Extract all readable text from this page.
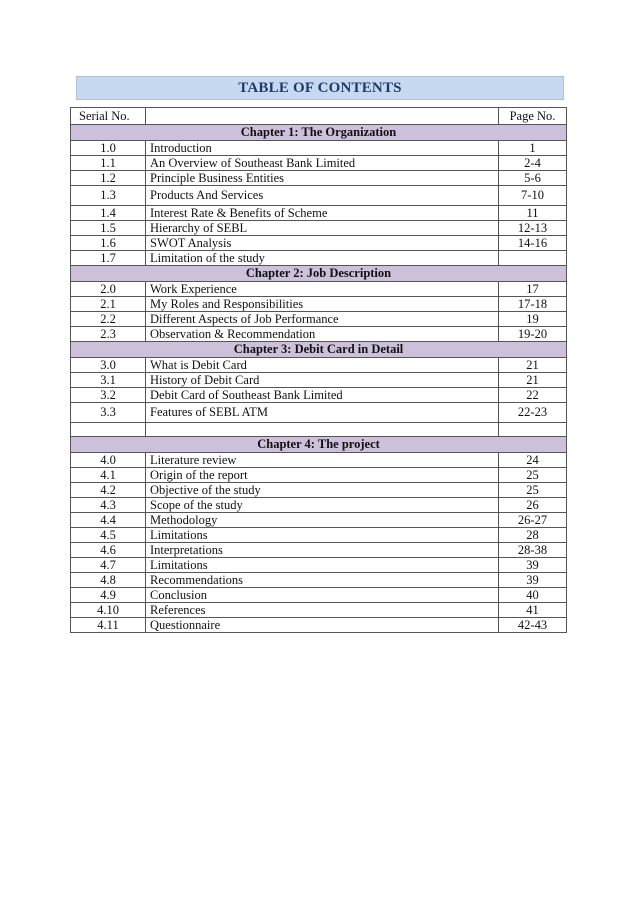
TABLE OF CONTENTS
Serial No.		Page No.
Chapter 1: The Organization		
1.0	Introduction	1
1.1	An Overview of Southeast Bank Limited	2-4
1.2	Principle Business Entities	5-6
1.3	Products And Services	7-10
1.4	Interest Rate & Benefits of Scheme	11
1.5	Hierarchy of SEBL	12-13
1.6	SWOT Analysis	14-16
1.7	Limitation of the study	
Chapter 2: Job Description		
2.0	Work Experience	17
2.1	My Roles and Responsibilities	17-18
2.2	Different Aspects of Job Performance	19
2.3	Observation & Recommendation	19-20
Chapter 3: Debit Card in Detail		
3.0	What is Debit Card	21
3.1	History of Debit Card	21
3.2	Debit Card of Southeast Bank Limited	22
3.3	Features of SEBL ATM	22-23

Chapter 4: The project		
4.0	Literature review	24
4.1	Origin of the report	25
4.2	Objective of the study	25
4.3	Scope of the study	26
4.4	Methodology	26-27
4.5	Limitations	28
4.6	Interpretations	28-38
4.7	Limitations	39
4.8	Recommendations	39
4.9	Conclusion	40
4.10	References	41
4.11	Questionnaire	42-43
